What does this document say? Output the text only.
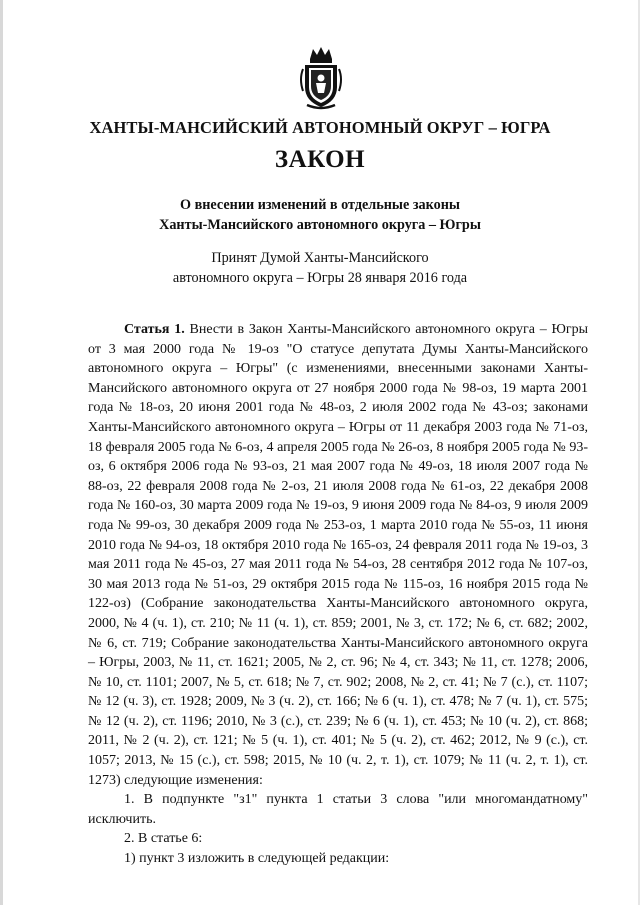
ХАНТЫ-МАНСИЙСКИЙ АВТОНОМНЫЙ ОКРУГ – ЮГРА
ЗАКОН
О внесении изменений в отдельные законы
Ханты-Мансийского автономного округа – Югры
Принят Думой Ханты-Мансийского
автономного округа – Югры 28 января 2016 года

Статья 1. Внести в Закон Ханты-Мансийского автономного округа – Югры от 3 мая 2000 года № 19-оз "О статусе депутата Думы Ханты-Мансийского автономного округа – Югры" (с изменениями, внесенными законами Ханты-Мансийского автономного округа от 27 ноября 2000 года № 98-оз, 19 марта 2001 года № 18-оз, 20 июня 2001 года № 48-оз, 2 июля 2002 года № 43-оз; законами Ханты-Мансийского автономного округа – Югры от 11 декабря 2003 года № 71-оз, 18 февраля 2005 года № 6-оз, 4 апреля 2005 года № 26-оз, 8 ноября 2005 года № 93-оз, 6 октября 2006 года № 93-оз, 21 мая 2007 года № 49-оз, 18 июля 2007 года № 88-оз, 22 февраля 2008 года № 2-оз, 21 июля 2008 года № 61-оз, 22 декабря 2008 года № 160-оз, 30 марта 2009 года № 19-оз, 9 июня 2009 года № 84-оз, 9 июля 2009 года № 99-оз, 30 декабря 2009 года № 253-оз, 1 марта 2010 года № 55-оз, 11 июня 2010 года № 94-оз, 18 октября 2010 года № 165-оз, 24 февраля 2011 года № 19-оз, 3 мая 2011 года № 45-оз, 27 мая 2011 года № 54-оз, 28 сентября 2012 года № 107-оз, 30 мая 2013 года № 51-оз, 29 октября 2015 года № 115-оз, 16 ноября 2015 года № 122-оз) (Собрание законодательства Ханты-Мансийского автономного округа, 2000, № 4 (ч. 1), ст. 210; № 11 (ч. 1), ст. 859; 2001, № 3, ст. 172; № 6, ст. 682; 2002, № 6, ст. 719; Собрание законодательства Ханты-Мансийского автономного округа – Югры, 2003, № 11, ст. 1621; 2005, № 2, ст. 96; № 4, ст. 343; № 11, ст. 1278; 2006, № 10, ст. 1101; 2007, № 5, ст. 618; № 7, ст. 902; 2008, № 2, ст. 41; № 7 (с.), ст. 1107; № 12 (ч. 3), ст. 1928; 2009, № 3 (ч. 2), ст. 166; № 6 (ч. 1), ст. 478; № 7 (ч. 1), ст. 575; № 12 (ч. 2), ст. 1196; 2010, № 3 (с.), ст. 239; № 6 (ч. 1), ст. 453; № 10 (ч. 2), ст. 868; 2011, № 2 (ч. 2), ст. 121; № 5 (ч. 1), ст. 401; № 5 (ч. 2), ст. 462; 2012, № 9 (с.), ст. 1057; 2013, № 15 (с.), ст. 598; 2015, № 10 (ч. 2, т. 1), ст. 1079; № 11 (ч. 2, т. 1), ст. 1273) следующие изменения:

1. В подпункте "з1" пункта 1 статьи 3 слова "или многомандатному" исключить.

2. В статье 6:

1) пункт 3 изложить в следующей редакции:
